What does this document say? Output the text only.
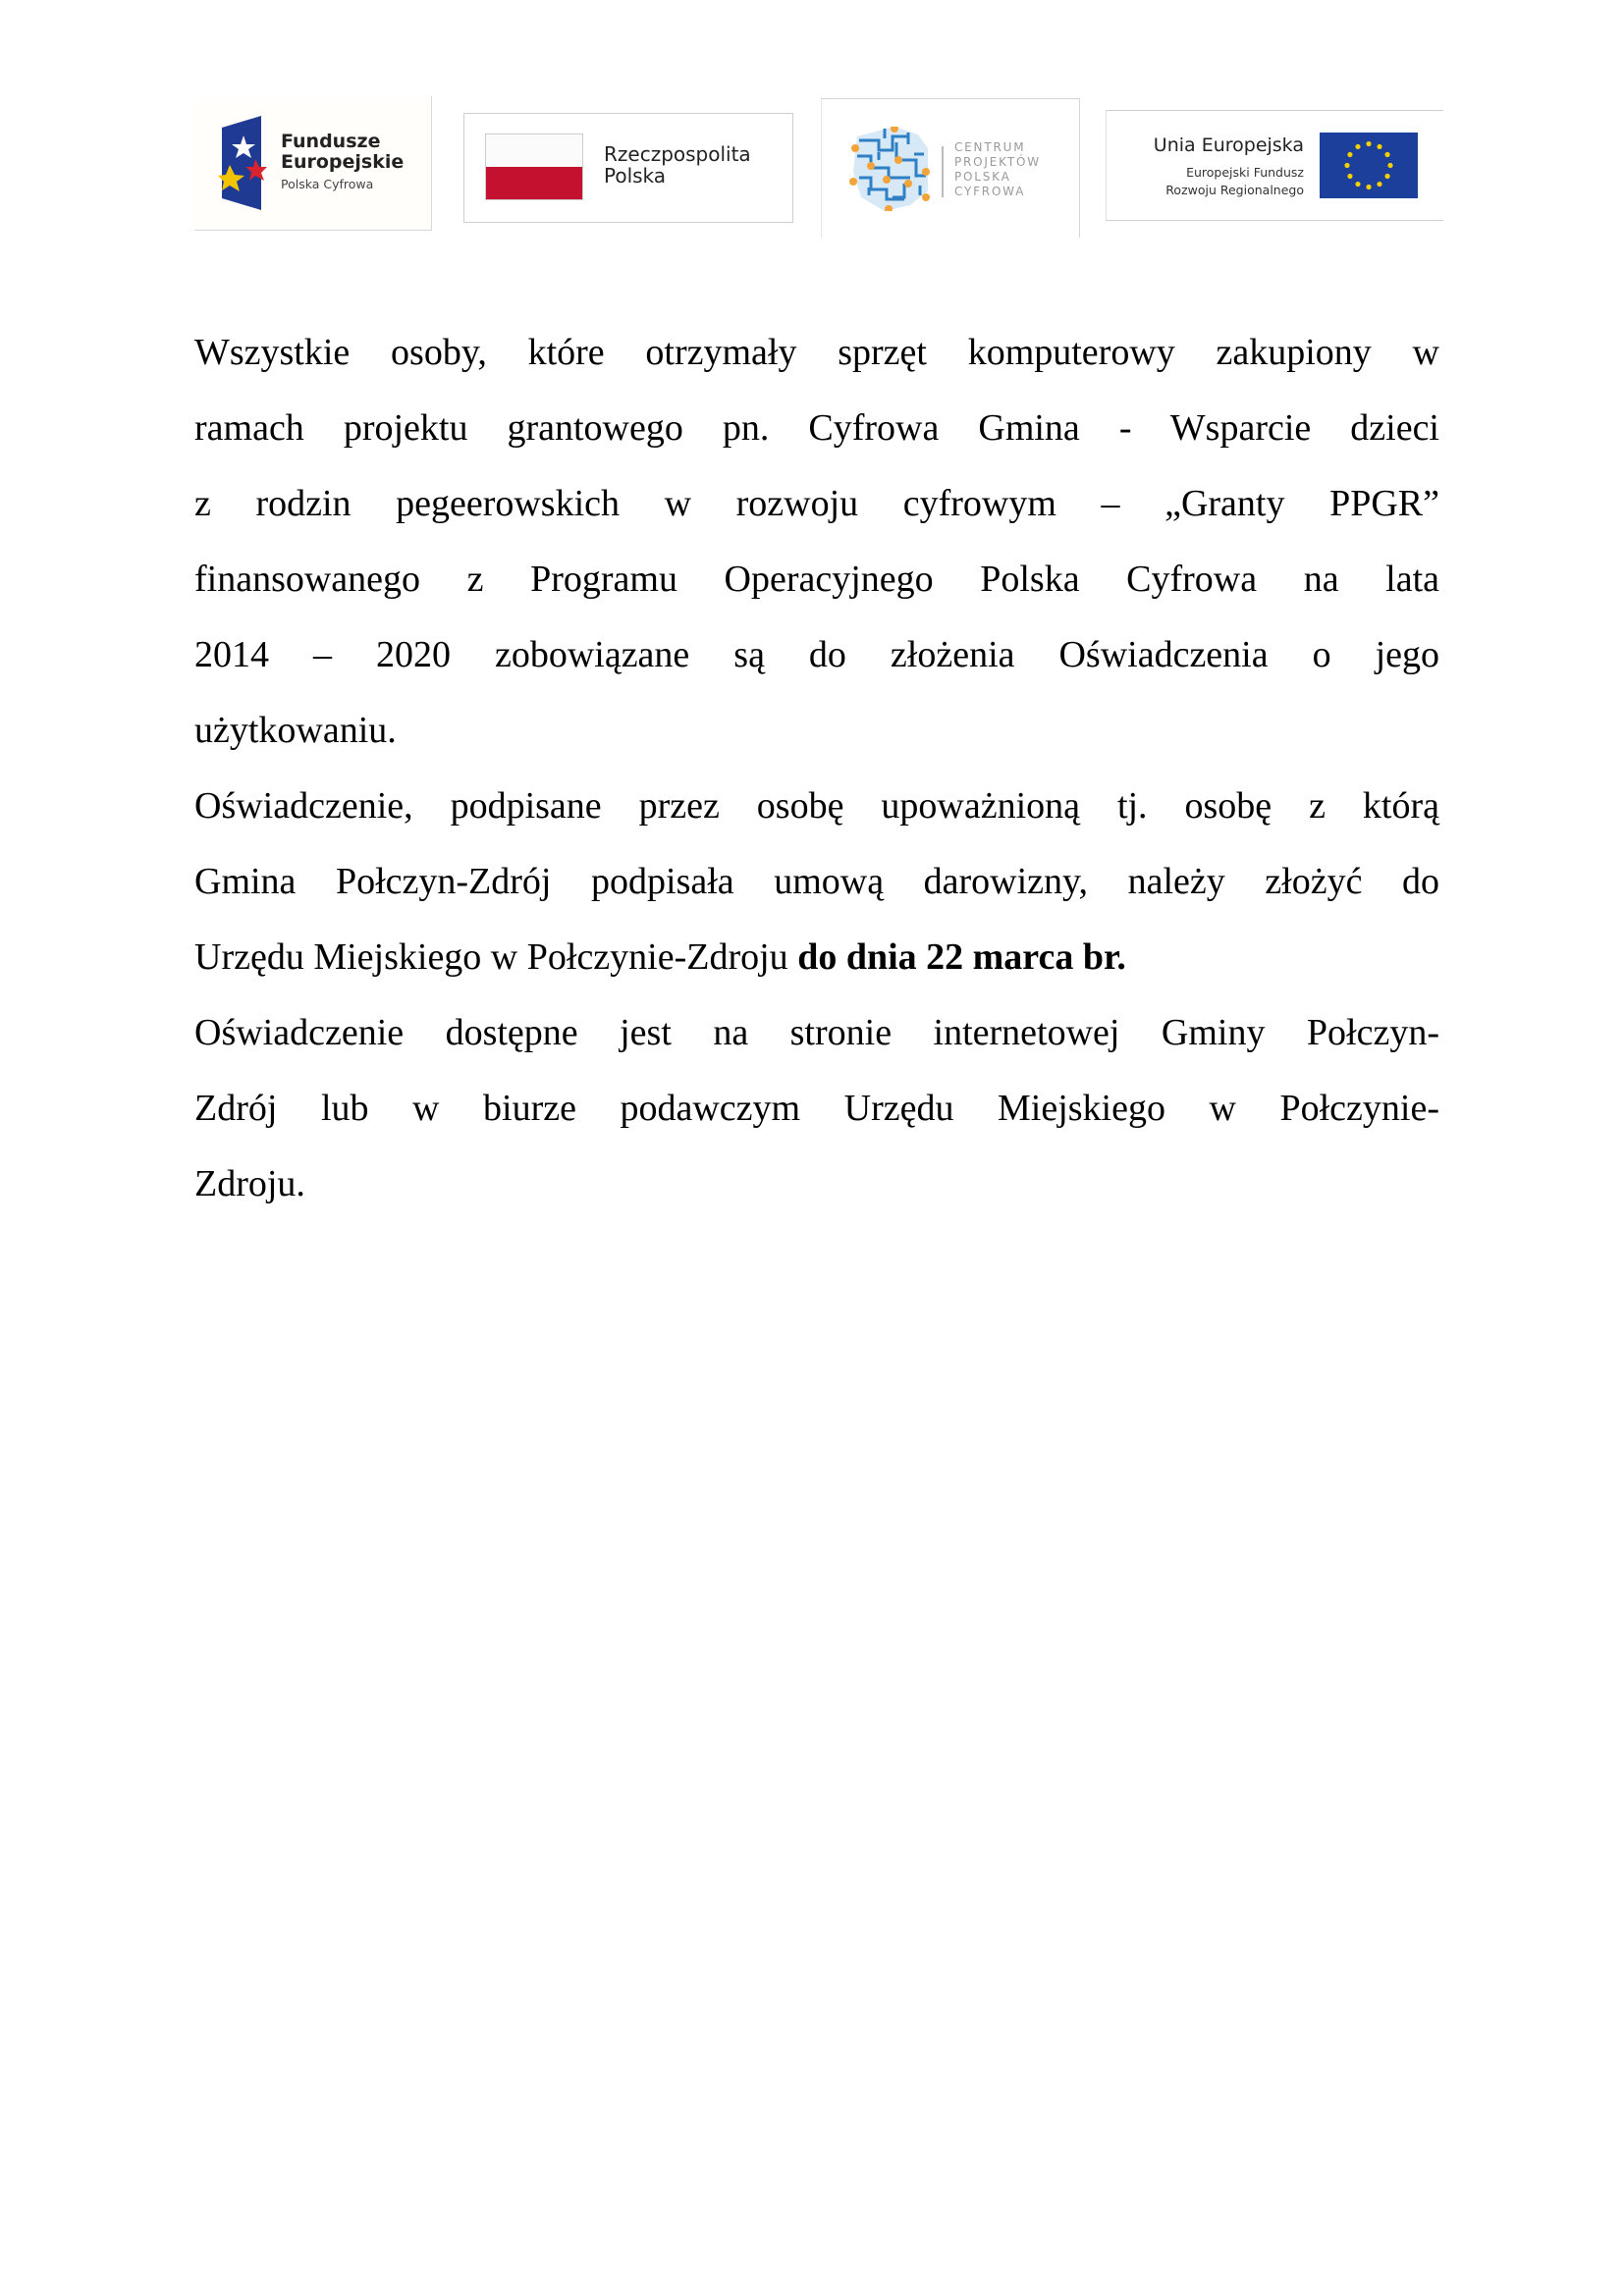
Fundusze
Europejskie
Polska Cyfrowa
Rzeczpospolita
Polska
CENTRUM
PROJEKTÓW
POLSKA
CYFROWA
Unia Europejska
Europejski Fundusz
Rozwoju Regionalnego
Wszystkie osoby, które otrzymały sprzęt komputerowy zakupiony w
ramach projektu grantowego pn. Cyfrowa Gmina - Wsparcie dzieci
z rodzin pegeerowskich w rozwoju cyfrowym – „Granty PPGR”
finansowanego z Programu Operacyjnego Polska Cyfrowa na lata
2014 – 2020 zobowiązane są do złożenia Oświadczenia o jego
użytkowaniu.
Oświadczenie, podpisane przez osobę upoważnioną tj. osobę z którą
Gmina Połczyn-Zdrój podpisała umową darowizny, należy złożyć do
Urzędu Miejskiego w Połczynie-Zdroju do dnia 22 marca br.
Oświadczenie dostępne jest na stronie internetowej Gminy Połczyn-
Zdrój lub w biurze podawczym Urzędu Miejskiego w Połczynie-
Zdroju.
